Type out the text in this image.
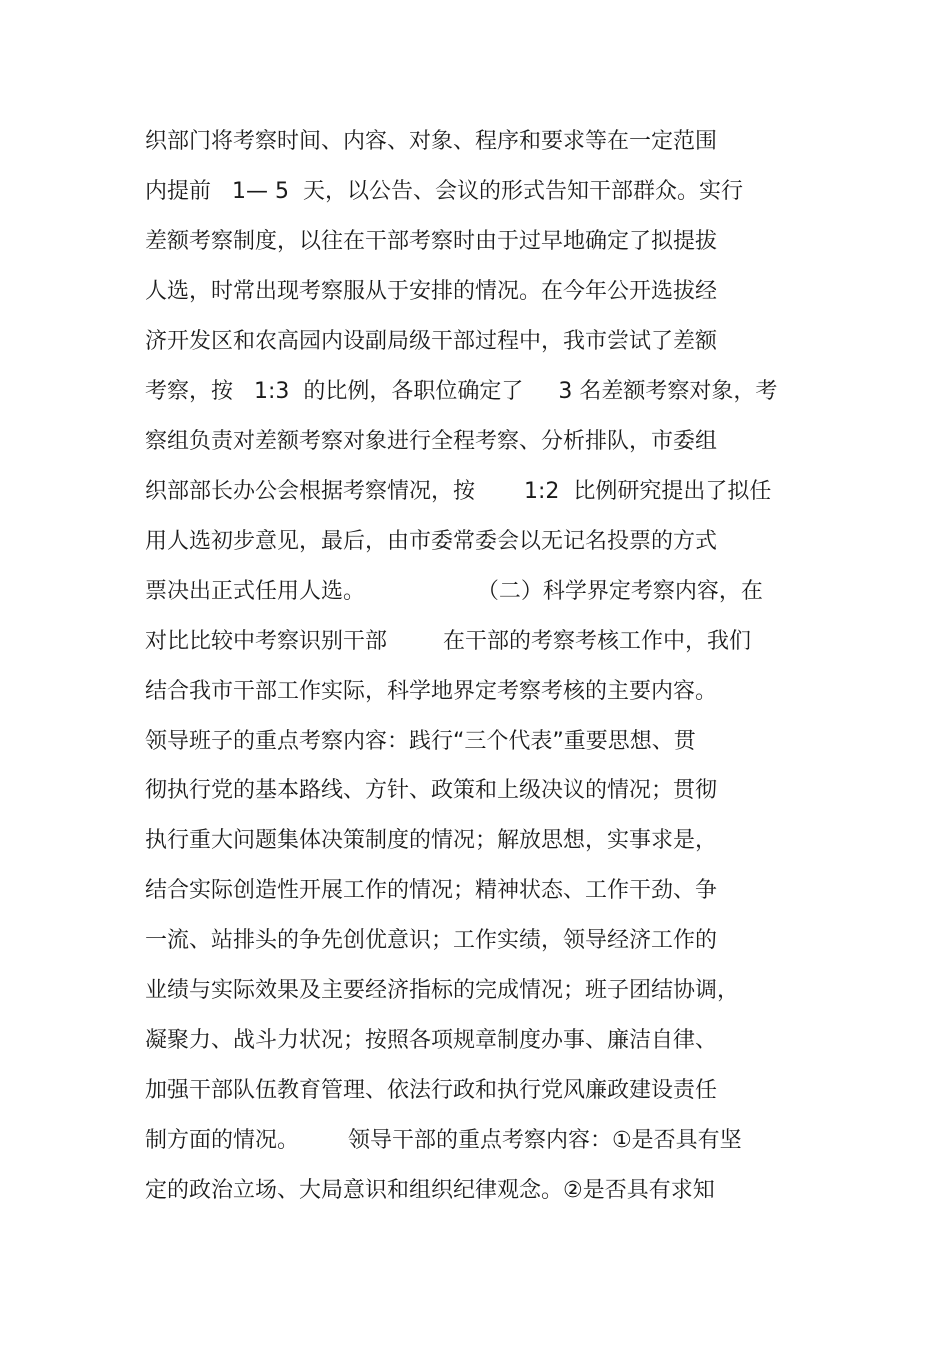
织部门将考察时间、内容、对象、程序和要求等在一定范围
内提前   1— 5  天，以公告、会议的形式告知干部群众。实行
差额考察制度，以往在干部考察时由于过早地确定了拟提拔
人选，时常出现考察服从于安排的情况。在今年公开选拔经
济开发区和农高园内设副局级干部过程中，我市尝试了差额
考察，按   1:3  的比例，各职位确定了     3 名差额考察对象，考
察组负责对差额考察对象进行全程考察、分析排队，市委组
织部部长办公会根据考察情况，按       1:2  比例研究提出了拟任
用人选初步意见，最后，由市委常委会以无记名投票的方式
票决出正式任用人选。                （二）科学界定考察内容，在
对比比较中考察识别干部        在干部的考察考核工作中，我们
结合我市干部工作实际，科学地界定考察考核的主要内容。
领导班子的重点考察内容：践行“三个代表”重要思想、贯
彻执行党的基本路线、方针、政策和上级决议的情况；贯彻
执行重大问题集体决策制度的情况；解放思想，实事求是，
结合实际创造性开展工作的情况；精神状态、工作干劲、争
一流、站排头的争先创优意识；工作实绩，领导经济工作的
业绩与实际效果及主要经济指标的完成情况；班子团结协调，
凝聚力、战斗力状况；按照各项规章制度办事、廉洁自律、
加强干部队伍教育管理、依法行政和执行党风廉政建设责任
制方面的情况。       领导干部的重点考察内容：①是否具有坚
定的政治立场、大局意识和组织纪律观念。②是否具有求知
